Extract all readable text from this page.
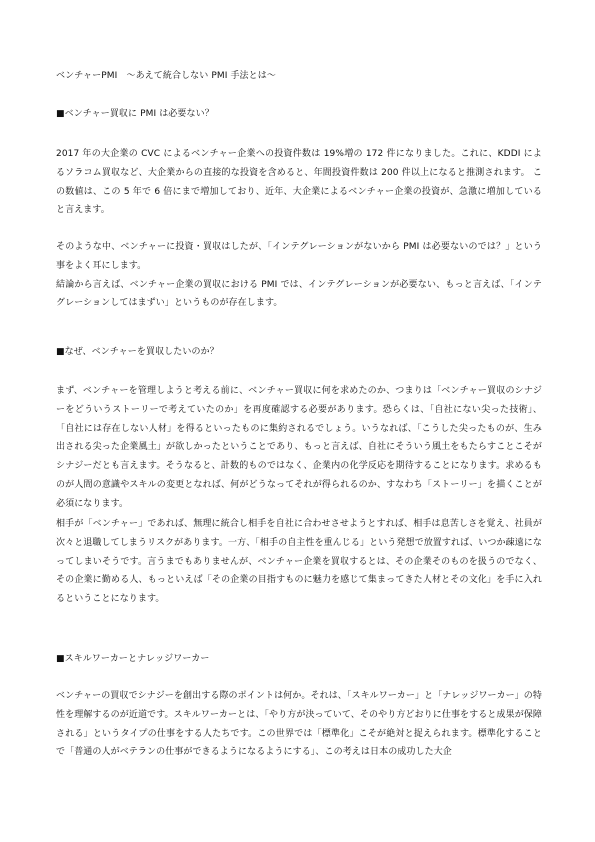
ベンチャーPMI　～あえて統合しない PMI 手法とは～

■ベンチャー買収に PMI は必要ない？

2017 年の大企業の CVC によるベンチャー企業への投資件数は 19%増の 172 件になりました。これに、KDDI によるソラコム買収など、大企業からの直接的な投資を含めると、年間投資件数は 200 件以上になると推測されます。 この数値は、この 5 年で 6 倍にまで増加しており、近年、大企業によるベンチャー企業の投資が、急激に増加していると言えます。

そのような中、ベンチャーに投資・買収はしたが、「インテグレーションがないから PMI は必要ないのでは？」という事をよく耳にします。
結論から言えば、ベンチャー企業の買収における PMI では、インテグレーションが必要ない、もっと言えば、「インテグレーションしてはまずい」というものが存在します。

■なぜ、ベンチャーを買収したいのか？

まず、ベンチャーを管理しようと考える前に、ベンチャー買収に何を求めたのか、つまりは「ベンチャー買収のシナジーをどういうストーリーで考えていたのか」を再度確認する必要があります。恐らくは、「自社にない尖った技術」、「自社には存在しない人材」を得るといったものに集約されるでしょう。いうなれば、「こうした尖ったものが、生み出される尖った企業風土」が欲しかったということであり、もっと言えば、自社にそういう風土をもたらすことこそがシナジーだとも言えます。そうなると、計数的ものではなく、企業内の化学反応を期待することになります。求めるものが人間の意識やスキルの変更となれば、何がどうなってそれが得られるのか、すなわち「ストーリー」を描くことが必須になります。

相手が「ベンチャー」であれば、無理に統合し相手を自社に合わせさせようとすれば、相手は息苦しさを覚え、社員が次々と退職してしまうリスクがあります。一方、「相手の自主性を重んじる」という発想で放置すれば、いつか疎遠になってしまいそうです。言うまでもありませんが、ベンチャー企業を買収するとは、その企業そのものを扱うのでなく、その企業に勤める人、もっといえば「その企業の目指すものに魅力を感じて集まってきた人材とその文化」を手に入れるということになります。

■スキルワーカーとナレッジワーカー

ベンチャーの買収でシナジーを創出する際のポイントは何か。それは、「スキルワーカー」と「ナレッジワーカー」の特性を理解するのが近道です。スキルワーカーとは、「やり方が決っていて、そのやり方どおりに仕事をすると成果が保障される」というタイプの仕事をする人たちです。この世界では「標準化」こそが絶対と捉えられます。標準化することで「普通の人がベテランの仕事ができるようになるようにする」、この考えは日本の成功した大企
